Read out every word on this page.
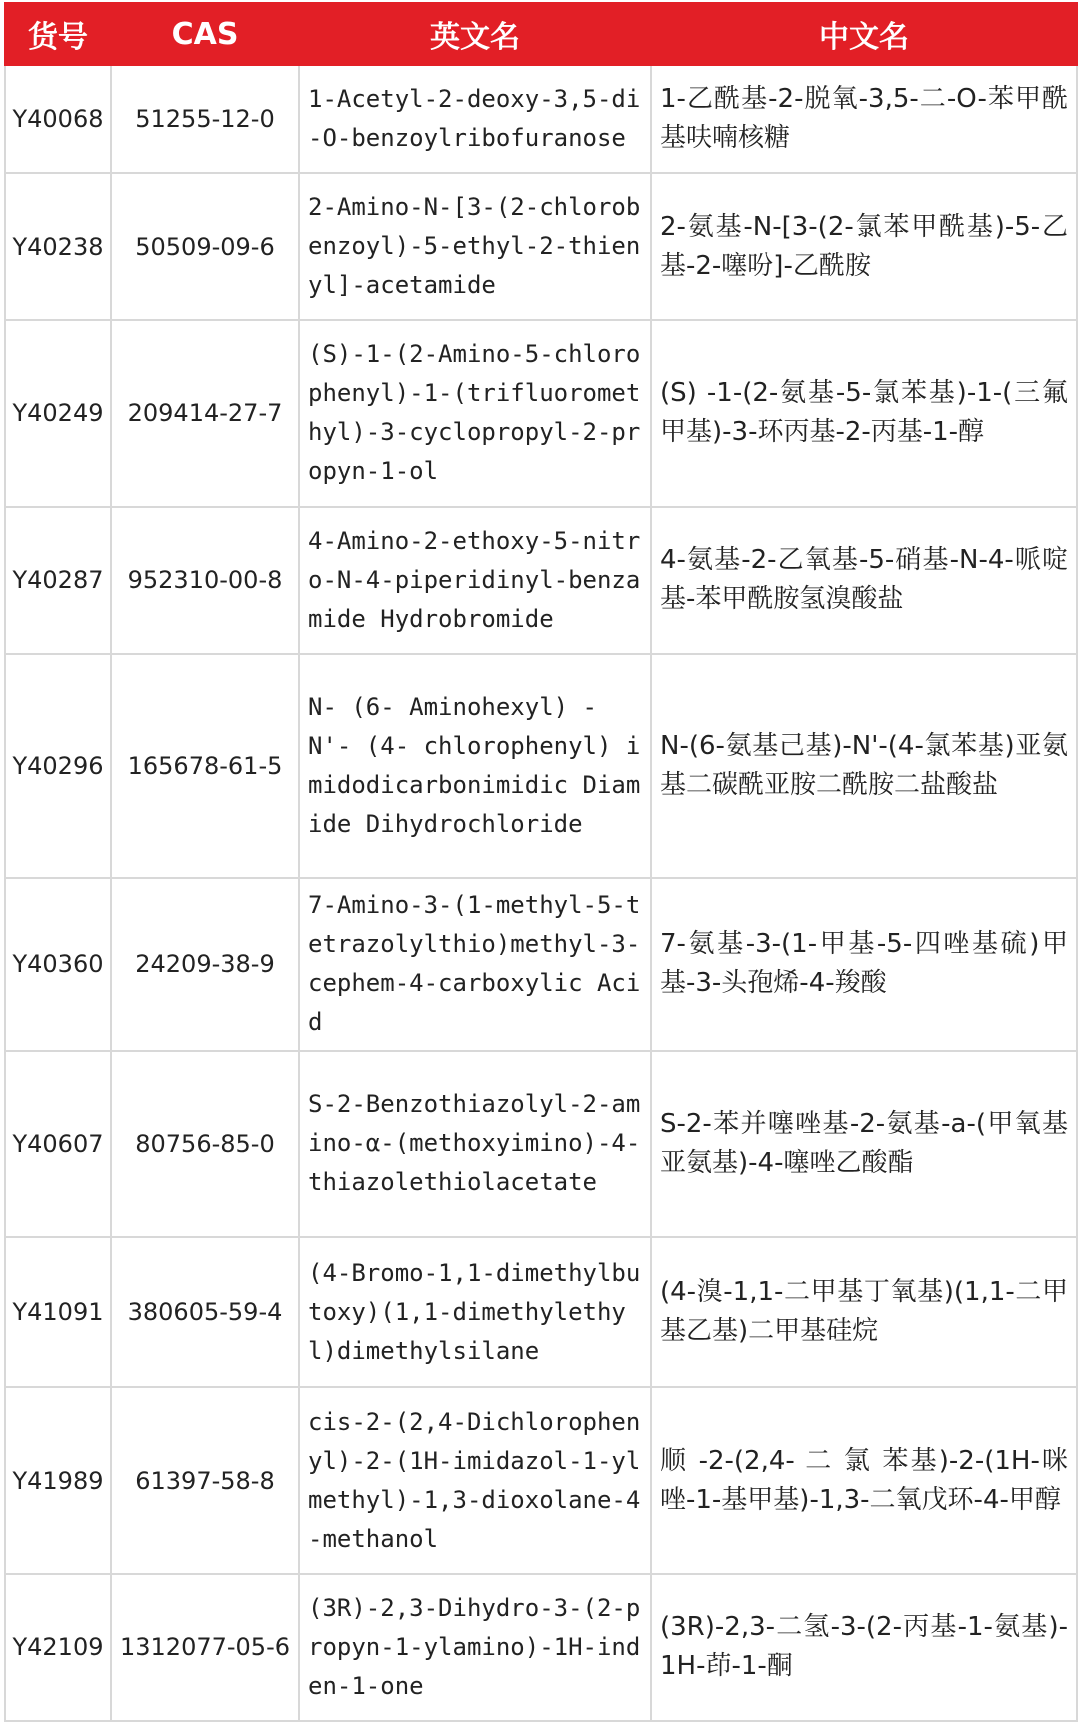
货号	CAS	英文名	中文名
Y40068	51255-12-0	1-Acetyl-2-deoxy-3,5-di-O-benzoylribofuranose	1-乙酰基-2-脱氧-3,5-二-O-苯甲酰基呋喃核糖
Y40238	50509-09-6	2-Amino-N-[3-(2-chlorobenzoyl)-5-ethyl-2-thienyl]-acetamide	2-氨基-N-[3-(2-氯苯甲酰基)-5-乙基-2-噻吩]-乙酰胺
Y40249	209414-27-7	(S)-1-(2-Amino-5-chlorophenyl)-1-(trifluoromethyl)-3-cyclopropyl-2-propyn-1-ol	(S) -1-(2-氨基-5-氯苯基)-1-(三氟甲基)-3-环丙基-2-丙基-1-醇
Y40287	952310-00-8	4-Amino-2-ethoxy-5-nitro-N-4-piperidinyl-benzamide Hydrobromide	4-氨基-2-乙氧基-5-硝基-N-4-哌啶基-苯甲酰胺氢溴酸盐
Y40296	165678-61-5	N- (6- Aminohexyl) - N'- (4- chlorophenyl) imidodicarbonimidic Diamide Dihydrochloride	N-(6-氨基己基)-N'-(4-氯苯基)亚氨基二碳酰亚胺二酰胺二盐酸盐
Y40360	24209-38-9	7-Amino-3-(1-methyl-5-tetrazolylthio)methyl-3-cephem-4-carboxylic Acid	7-氨基-3-(1-甲基-5-四唑基硫)甲基-3-头孢烯-4-羧酸
Y40607	80756-85-0	S-2-Benzothiazolyl-2-amino-α-(methoxyimino)-4-thiazolethiolacetate	S-2-苯并噻唑基-2-氨基-a-(甲氧基亚氨基)-4-噻唑乙酸酯
Y41091	380605-59-4	(4-Bromo-1,1-dimethylbutoxy)(1,1-dimethylethyl)dimethylsilane	(4-溴-1,1-二甲基丁氧基)(1,1-二甲基乙基)二甲基硅烷
Y41989	61397-58-8	cis-2-(2,4-Dichlorophenyl)-2-(1H-imidazol-1-ylmethyl)-1,3-dioxolane-4-methanol	顺 -2-(2,4- 二 氯 苯基)-2-(1H-咪唑-1-基甲基)-1,3-二氧戊环-4-甲醇
Y42109	1312077-05-6	(3R)-2,3-Dihydro-3-(2-propyn-1-ylamino)-1H-inden-1-one	(3R)-2,3-二氢-3-(2-丙基-1-氨基)-1H-茚-1-酮
